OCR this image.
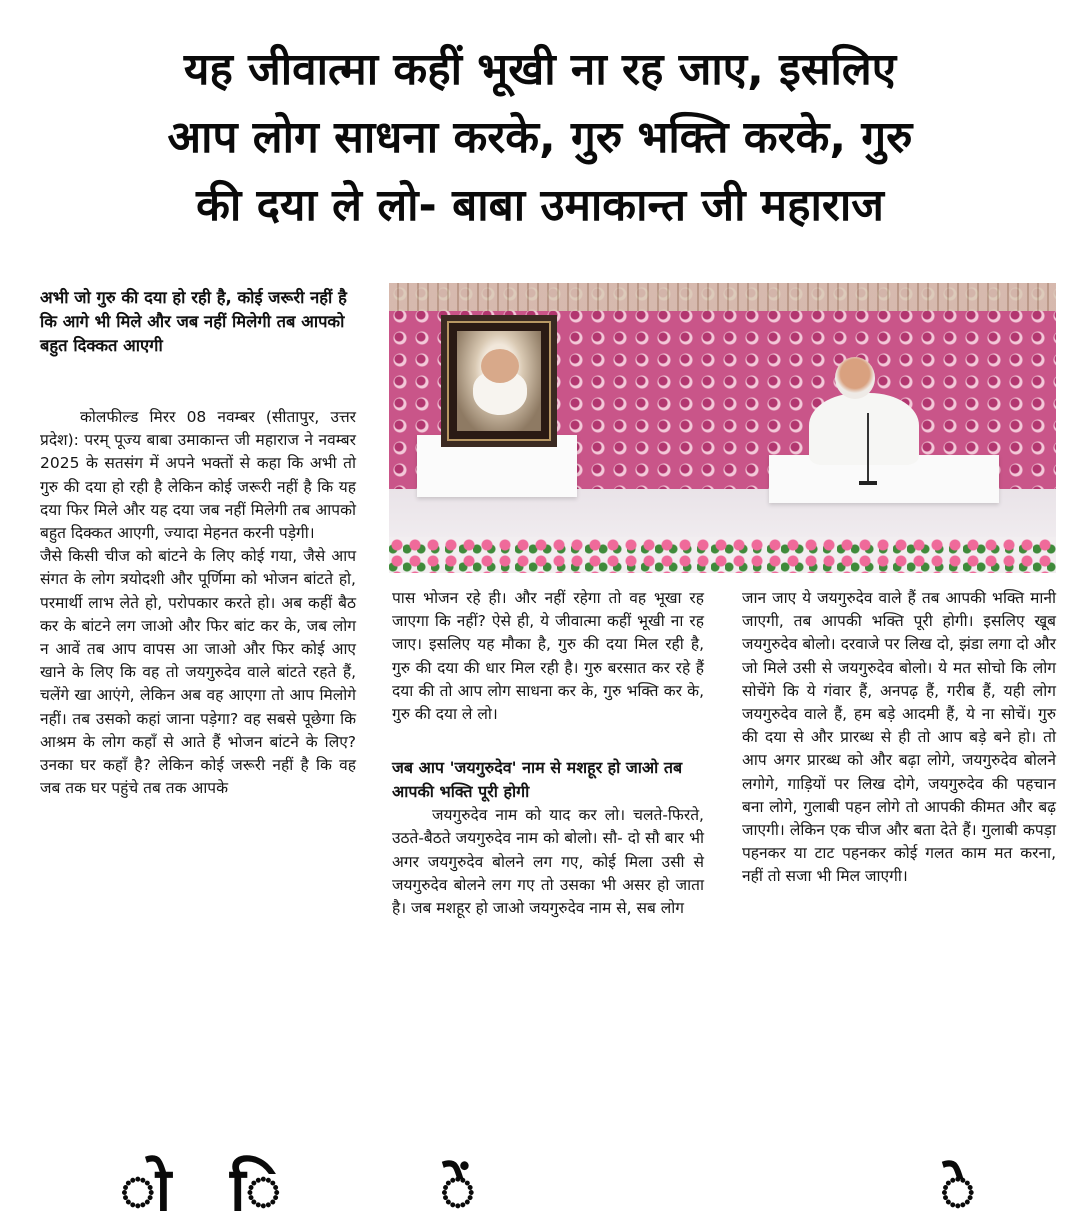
यह जीवात्मा कहीं भूखी ना रह जाए, इसलिए
आप लोग साधना करके, गुरु भक्ति करके, गुरु
की दया ले लो- बाबा उमाकान्त जी महाराज
अभी जो गुरु की दया हो रही है, कोई जरूरी नहीं है कि आगे भी मिले और जब नहीं मिलेगी तब आपको बहुत दिक्कत आएगी

कोलफील्ड मिरर 08 नवम्बर (सीतापुर, उत्तर प्रदेश): परम् पूज्य बाबा उमाकान्त जी महाराज ने नवम्बर 2025 के सतसंग में अपने भक्तों से कहा कि अभी तो गुरु की दया हो रही है लेकिन कोई जरूरी नहीं है कि यह दया फिर मिले और यह दया जब नहीं मिलेगी तब आपको बहुत दिक्कत आएगी, ज्यादा मेहनत करनी पड़ेगी।

जैसे किसी चीज को बांटने के लिए कोई गया, जैसे आप संगत के लोग त्रयोदशी और पूर्णिमा को भोजन बांटते हो, परमार्थी लाभ लेते हो, परोपकार करते हो। अब कहीं बैठ कर के बांटने लग जाओ और फिर बांट कर के, जब लोग न आवें तब आप वापस आ जाओ और फिर कोई आए खाने के लिए कि वह तो जयगुरुदेव वाले बांटते रहते हैं, चलेंगे खा आएंगे, लेकिन अब वह आएगा तो आप मिलोगे नहीं। तब उसको कहां जाना पड़ेगा? वह सबसे पूछेगा कि आश्रम के लोग कहाँ से आते हैं भोजन बांटने के लिए? उनका घर कहाँ है? लेकिन कोई जरूरी नहीं है कि वह जब तक घर पहुंचे तब तक आपके

पास भोजन रहे ही। और नहीं रहेगा तो वह भूखा रह जाएगा कि नहीं? ऐसे ही, ये जीवात्मा कहीं भूखी ना रह जाए। इसलिए यह मौका है, गुरु की दया मिल रही है, गुरु की दया की धार मिल रही है। गुरु बरसात कर रहे हैं दया की तो आप लोग साधना कर के, गुरु भक्ति कर के, गुरु की दया ले लो।

जब आप 'जयगुरुदेव' नाम से मशहूर हो जाओ तब आपकी भक्ति पूरी होगी

जयगुरुदेव नाम को याद कर लो। चलते-फिरते, उठते-बैठते जयगुरुदेव नाम को बोलो। सौ- दो सौ बार भी अगर जयगुरुदेव बोलने लग गए, कोई मिला उसी से जयगुरुदेव बोलने लग गए तो उसका भी असर हो जाता है। जब मशहूर हो जाओ जयगुरुदेव नाम से, सब लोग

जान जाए ये जयगुरुदेव वाले हैं तब आपकी भक्ति मानी जाएगी, तब आपकी भक्ति पूरी होगी। इसलिए खूब जयगुरुदेव बोलो। दरवाजे पर लिख दो, झंडा लगा दो और जो मिले उसी से जयगुरुदेव बोलो। ये मत सोचो कि लोग सोचेंगे कि ये गंवार हैं, अनपढ़ हैं, गरीब हैं, यही लोग जयगुरुदेव वाले हैं, हम बड़े आदमी हैं, ये ना सोचें। गुरु की दया से और प्रारब्ध से ही तो आप बड़े बने हो। तो आप अगर प्रारब्ध को और बढ़ा लोगे, जयगुरुदेव बोलने लगोगे, गाड़ियों पर लिख दोगे, जयगुरुदेव की पहचान बना लोगे, गुलाबी पहन लोगे तो आपकी कीमत और बढ़ जाएगी। लेकिन एक चीज और बता देते हैं। गुलाबी कपड़ा पहनकर या टाट पहनकर कोई गलत काम मत करना, नहीं तो सजा भी मिल जाएगी।

ो ि	ें	े
